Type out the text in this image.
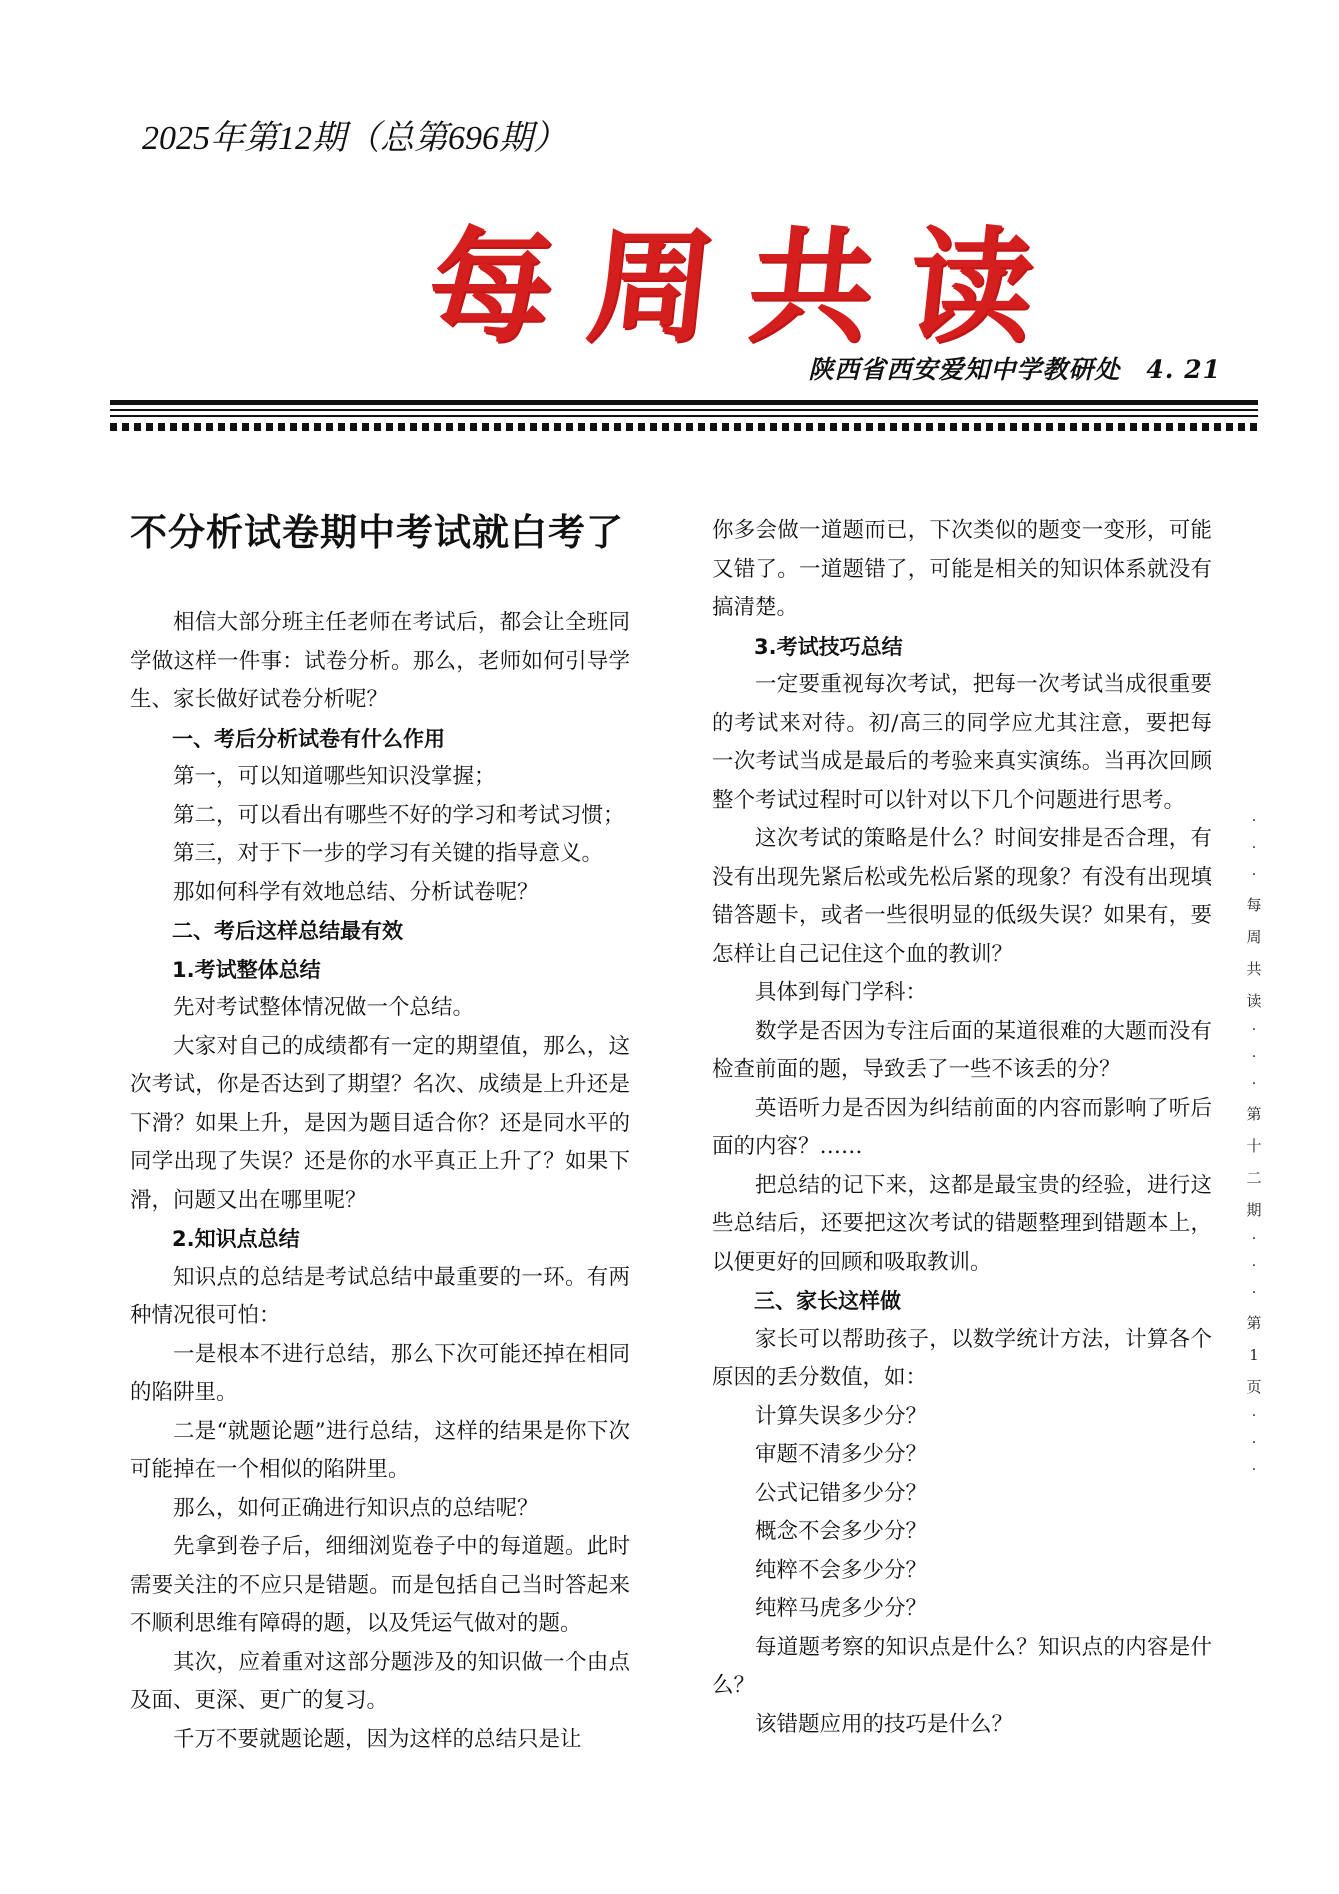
2025年第12期（总第696期）
每周共读
陕西省西安爱知中学教研处　4. 21
不分析试卷期中考试就白考了

相信大部分班主任老师在考试后，都会让全班同学做这样一件事：试卷分析。那么，老师如何引导学生、家长做好试卷分析呢？

一、考后分析试卷有什么作用

第一，可以知道哪些知识没掌握；

第二，可以看出有哪些不好的学习和考试习惯；

第三，对于下一步的学习有关键的指导意义。

那如何科学有效地总结、分析试卷呢？

二、考后这样总结最有效

1.考试整体总结

先对考试整体情况做一个总结。

大家对自己的成绩都有一定的期望值，那么，这次考试，你是否达到了期望？名次、成绩是上升还是下滑？如果上升，是因为题目适合你？还是同水平的同学出现了失误？还是你的水平真正上升了？如果下滑，问题又出在哪里呢？

2.知识点总结

知识点的总结是考试总结中最重要的一环。有两种情况很可怕：

一是根本不进行总结，那么下次可能还掉在相同的陷阱里。

二是“就题论题”进行总结，这样的结果是你下次可能掉在一个相似的陷阱里。

那么，如何正确进行知识点的总结呢？

先拿到卷子后，细细浏览卷子中的每道题。此时需要关注的不应只是错题。而是包括自己当时答起来不顺利思维有障碍的题，以及凭运气做对的题。

其次，应着重对这部分题涉及的知识做一个由点及面、更深、更广的复习。

千万不要就题论题，因为这样的总结只是让

你多会做一道题而已，下次类似的题变一变形，可能又错了。一道题错了，可能是相关的知识体系就没有搞清楚。

3.考试技巧总结

一定要重视每次考试，把每一次考试当成很重要的考试来对待。初/高三的同学应尤其注意，要把每一次考试当成是最后的考验来真实演练。当再次回顾整个考试过程时可以针对以下几个问题进行思考。

这次考试的策略是什么？时间安排是否合理，有没有出现先紧后松或先松后紧的现象？有没有出现填错答题卡，或者一些很明显的低级失误？如果有，要怎样让自己记住这个血的教训？

具体到每门学科：

数学是否因为专注后面的某道很难的大题而没有检查前面的题，导致丢了一些不该丢的分？

英语听力是否因为纠结前面的内容而影响了听后面的内容？……

把总结的记下来，这都是最宝贵的经验，进行这些总结后，还要把这次考试的错题整理到错题本上，以便更好的回顾和吸取教训。

三、家长这样做

家长可以帮助孩子，以数学统计方法，计算各个原因的丢分数值，如：

计算失误多少分？

审题不清多少分？

公式记错多少分？

概念不会多少分？

纯粹不会多少分？

纯粹马虎多少分？

每道题考察的知识点是什么？知识点的内容是什么？

该错题应用的技巧是什么？

·
·
·
每
周
共
读
·
·
·
第
十
二
期
·
·
·
第
1
页
·
·
·
